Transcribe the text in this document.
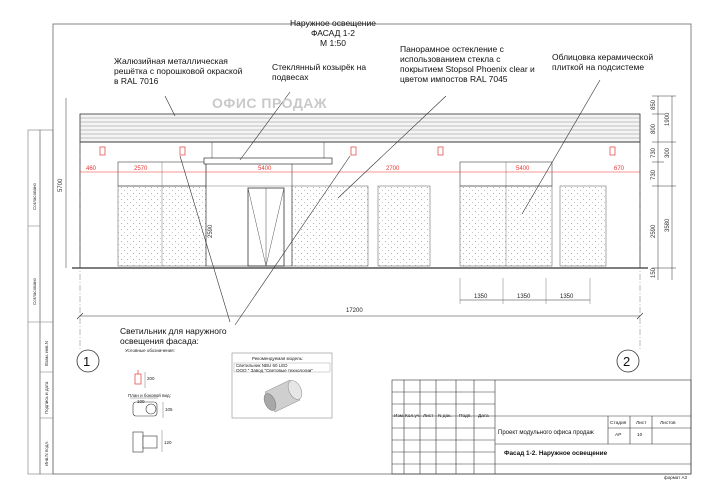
Наружное освещение
ФАСАД 1-2
М 1:50
Жалюзийная металлическая
решётка с порошковой окраской
в RAL 7016
Стеклянный козырёк на
подвесах
Панорамное остекление с
использованием стекла с
покрытием Stopsol Phoenix clear и
цветом импостов RAL 7045
Облицовка керамической
плиткой на подсистеме
Светильник для наружного
освещения фасада:
ОФИС ПРОДАЖ
1	2
460	2570	5400	2700	5400	670
17200
1350	1350	1350
5700
2590
850
800
730
730
2590
150
1900
300
3580
Условные обозначения:
План и боковой вид:
200
100
105
120
Рекомендуемая модель:
Светильник NBU 60 LED
ООО " Завод "Световые технологии"
Согласовано
Согласовано
Взам. инв.N
Подпись и дата
Инв.N подл.
Изм. Кол.уч. Лист N док. Подп. Дата
Проект модульного офиса продаж
Фасад 1-2. Наружное освещение
Стадия Лист	Листов
АР	10
формат А3
